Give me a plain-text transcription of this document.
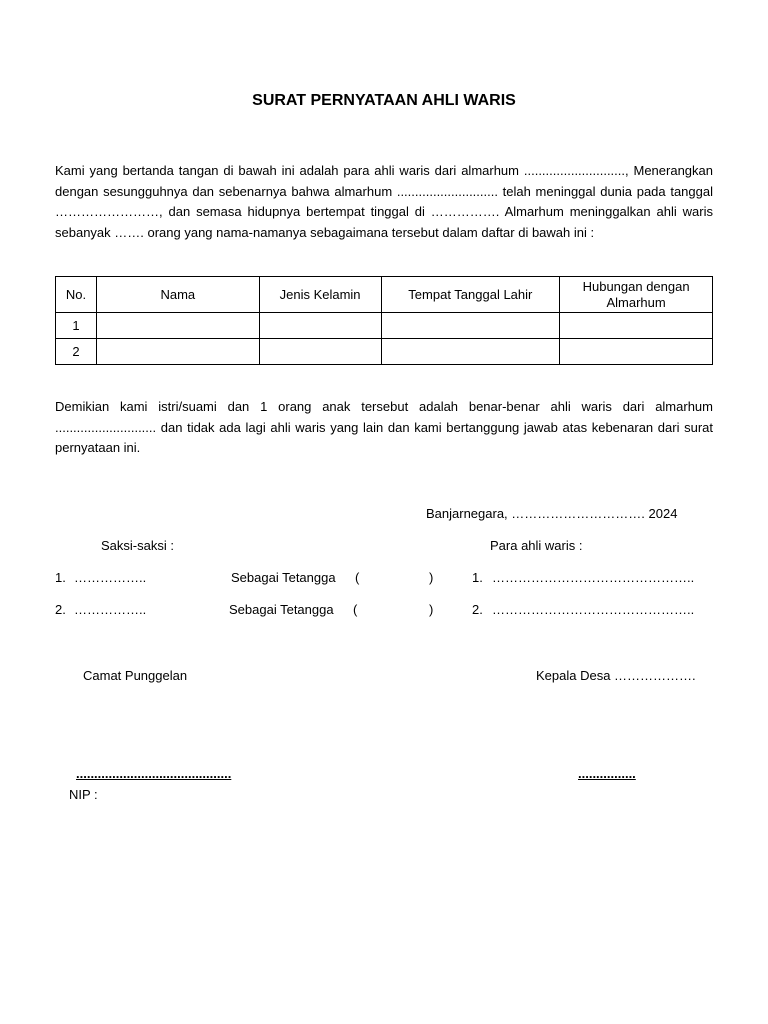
SURAT PERNYATAAN AHLI WARIS
Kami yang bertanda tangan di bawah ini adalah para ahli waris dari almarhum ............................, Menerangkan dengan sesungguhnya dan sebenarnya bahwa almarhum ............................ telah meninggal dunia pada tanggal ……………………, dan semasa hidupnya bertempat tinggal di ……………. Almarhum meninggalkan ahli waris sebanyak ……. orang yang nama-namanya sebagaimana tersebut dalam daftar di bawah ini :
No.	Nama	Jenis Kelamin	Tempat Tanggal Lahir	Hubungan dengan Almarhum
1				
2				
Demikian kami istri/suami dan 1 orang anak tersebut adalah benar-benar ahli waris dari almarhum ............................ dan tidak ada lagi ahli waris yang lain dan kami bertanggung jawab atas kebenaran dari surat pernyataan ini.
Banjarnegara, …………………………. 2024
Saksi-saksi :	Para ahli waris :
1. ……………..	Sebagai Tetangga (	)	1. ………………………………………..
2. ……………..	Sebagai Tetangga (	)	2. ………………………………………..
Camat Punggelan	Kepala Desa ……………….
...........................................	................
NIP :
